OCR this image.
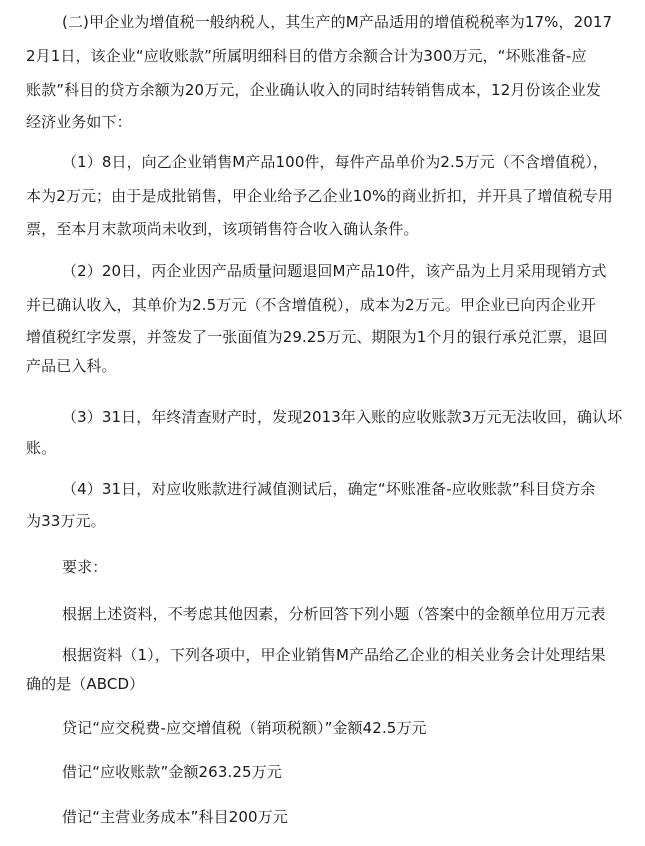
(二)甲企业为增值税一般纳税人，其生产的M产品适用的增值税税率为17%，2017
2月1日，该企业“应收账款”所属明细科目的借方余额合计为300万元，“坏账准备-应
账款”科目的贷方余额为20万元，企业确认收入的同时结转销售成本，12月份该企业发
经济业务如下：
（1）8日，向乙企业销售M产品100件，每件产品单价为2.5万元（不含增值税），
本为2万元；由于是成批销售，甲企业给予乙企业10%的商业折扣，并开具了增值税专用
票，至本月末款项尚未收到，该项销售符合收入确认条件。
（2）20日，丙企业因产品质量问题退回M产品10件，该产品为上月采用现销方式
并已确认收入，其单价为2.5万元（不含增值税），成本为2万元。甲企业已向丙企业开
增值税红字发票，并签发了一张面值为29.25万元、期限为1个月的银行承兑汇票，退回
产品已入科。
（3）31日，年终清查财产时，发现2013年入账的应收账款3万元无法收回，确认坏
账。
（4）31日，对应收账款进行减值测试后，确定“坏账准备-应收账款”科目贷方余
为33万元。
要求：
根据上述资料，不考虑其他因素，分析回答下列小题（答案中的金额单位用万元表
根据资料（1），下列各项中，甲企业销售M产品给乙企业的相关业务会计处理结果
确的是（ABCD）
贷记“应交税费-应交增值税（销项税额）”金额42.5万元
借记“应收账款”金额263.25万元
借记“主营业务成本”科目200万元
